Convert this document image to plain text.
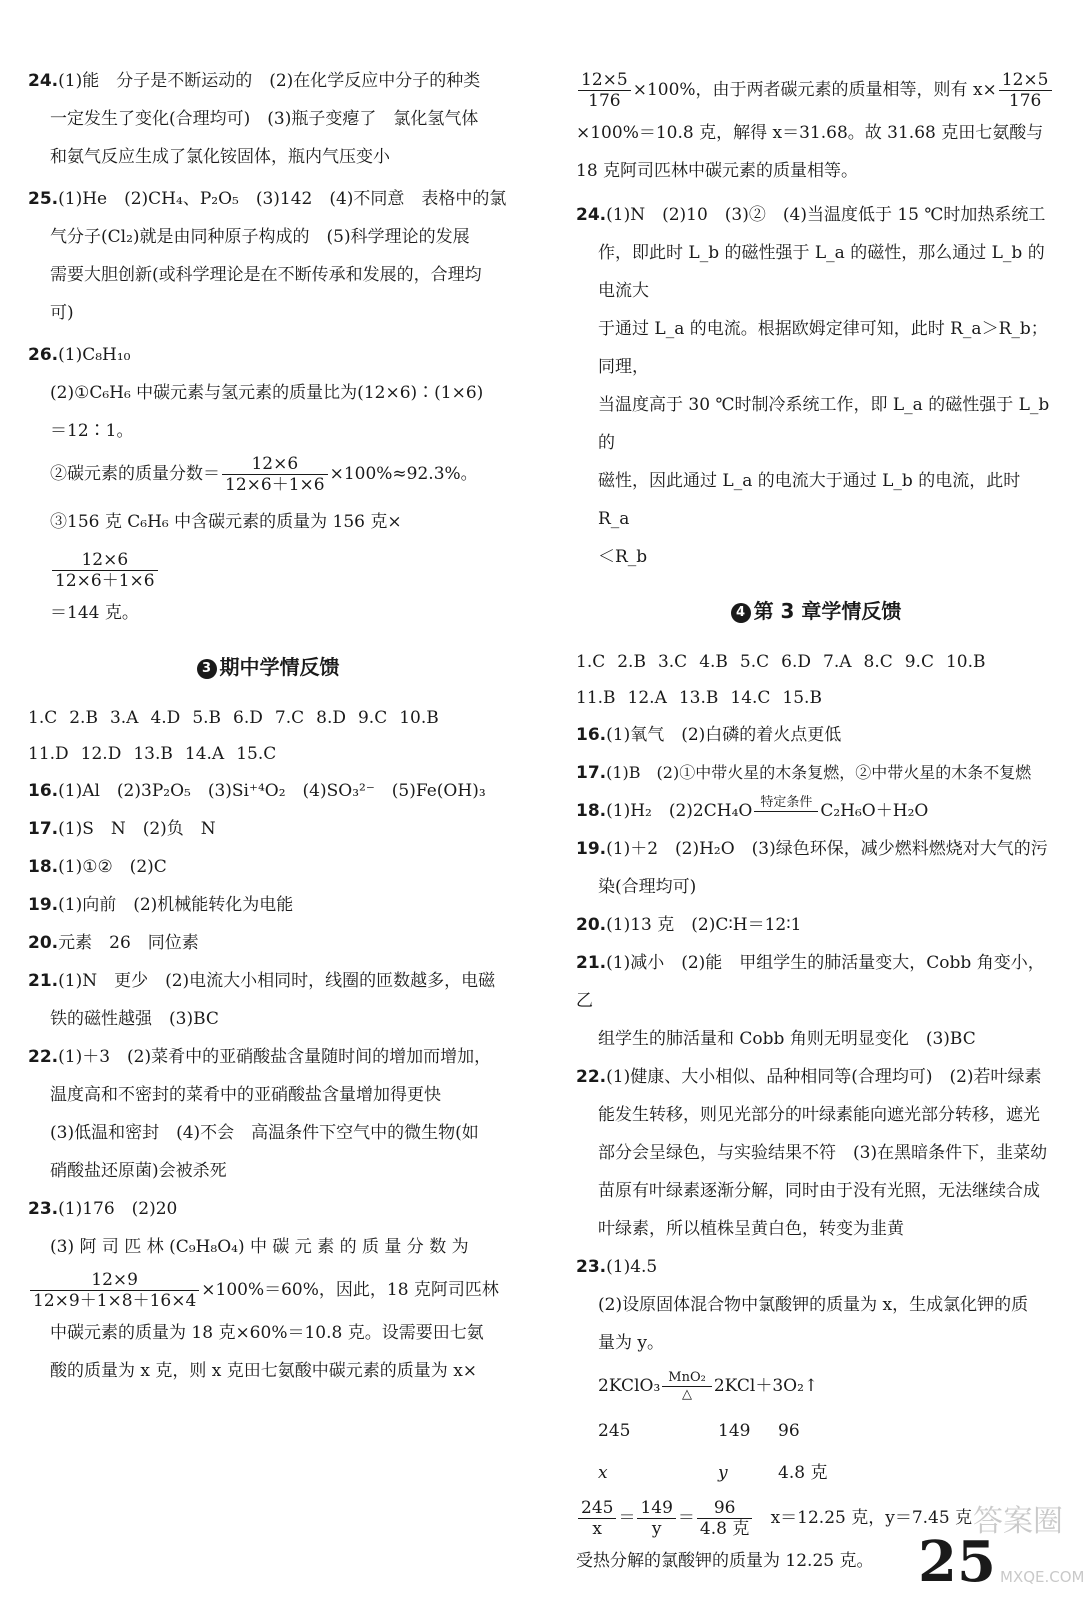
24.(1)能　分子是不断运动的　(2)在化学反应中分子的种类
一定发生了变化(合理均可)　(3)瓶子变瘪了　氯化氢气体
和氨气反应生成了氯化铵固体，瓶内气压变小
25.(1)He　(2)CH₄、P₂O₅　(3)142　(4)不同意　表格中的氯
气分子(Cl₂)就是由同种原子构成的　(5)科学理论的发展
需要大胆创新(或科学理论是在不断传承和发展的，合理均
可)
26.(1)C₈H₁₀
(2)①C₆H₆ 中碳元素与氢元素的质量比为(12×6)∶(1×6)
＝12∶1。
②碳元素的质量分数＝ $\frac{12\times 6}{12\times 6+1\times 6} \times 100\%\approx 92.3\%$。
③156 克 C₆H₆ 中含碳元素的质量为 156 克×
$\frac{12\times 6}{12\times 6+1\times 6}$
＝144 克。
3 期中学情反馈
1.C 2.B 3.A 4.D 5.B 6.D 7.C 8.D 9.C 10.B
11.D 12.D 13.B 14.A 15.C
16.(1)Al　(2)3P₂O₅　(3)Si⁺⁴O₂　(4)SO₃²⁻　(5)Fe(OH)₃
17.(1)S　N　(2)负　N
18.(1)①②　(2)C
19.(1)向前　(2)机械能转化为电能
20.元素　26　同位素
21.(1)N　更少　(2)电流大小相同时，线圈的匝数越多，电磁
铁的磁性越强　(3)BC
22.(1)＋3　(2)菜肴中的亚硝酸盐含量随时间的增加而增加，
温度高和不密封的菜肴中的亚硝酸盐含量增加得更快
(3)低温和密封　(4)不会　高温条件下空气中的微生物(如
硝酸盐还原菌)会被杀死
23.(1)176　(2)20
(3) 阿 司 匹 林 (C₉H₈O₄) 中 碳 元 素 的 质 量 分 数 为
$\frac{12\times 9}{12\times 9+1\times 8+16\times 4} \times 100\%=60\%$，因此，18 克阿司匹林
中碳元素的质量为 18 克×60%＝10.8 克。设需要田七氨
酸的质量为 x 克，则 x 克田七氨酸中碳元素的质量为 x×
$\frac{12\times 5}{176} \times 100\%$，由于两者碳元素的质量相等，则有 $x\times \frac{12\times 5}{176}$
×100%＝10.8 克，解得 x＝31.68。故 31.68 克田七氨酸与
18 克阿司匹林中碳元素的质量相等。
24.(1)N　(2)10　(3)②　(4)当温度低于 15 ℃时加热系统工
作，即此时 L_b 的磁性强于 L_a 的磁性，那么通过 L_b 的电流大
于通过 L_a 的电流。根据欧姆定律可知，此时 R_a＞R_b；同理，
当温度高于 30 ℃时制冷系统工作，即 L_a 的磁性强于 L_b 的
磁性，因此通过 L_a 的电流大于通过 L_b 的电流，此时 R_a
＜R_b
4 第 3 章学情反馈
1.C 2.B 3.C 4.B 5.C 6.D 7.A 8.C 9.C 10.B
11.B 12.A 13.B 14.C 15.B
16.(1)氧气　(2)白磷的着火点更低
17.(1)B　(2)①中带火星的木条复燃，②中带火星的木条不复燃
18.(1)H₂　(2)2CH₄O 特定条件
C₂H₆O＋H₂O
19.(1)＋2　(2)H₂O　(3)绿色环保，减少燃料燃烧对大气的污
染(合理均可)
20.(1)13 克　(2)C∶H＝12∶1
21.(1)减小　(2)能　甲组学生的肺活量变大，Cobb 角变小，乙
组学生的肺活量和 Cobb 角则无明显变化　(3)BC
22.(1)健康、大小相似、品种相同等(合理均可)　(2)若叶绿素
能发生转移，则见光部分的叶绿素能向遮光部分转移，遮光
部分会呈绿色，与实验结果不符　(3)在黑暗条件下，韭菜幼
苗原有叶绿素逐渐分解，同时由于没有光照，无法继续合成
叶绿素，所以植株呈黄白色，转变为韭黄
23.(1)4.5
(2)设原固体混合物中氯酸钾的质量为 x，生成氯化钾的质
量为 y。
2KClO₃ MnO₂
△	2KCl＋3O₂↑
245	149	96
x	y	4.8 克
$\frac{245}{x} = \frac{149}{y} = \frac{96}{\text{4.8 克}} x=12.25$ 克，y＝7.45 克
受热分解的氯酸钾的质量为 12.25 克。 25
答案圈
MXQE.COM
